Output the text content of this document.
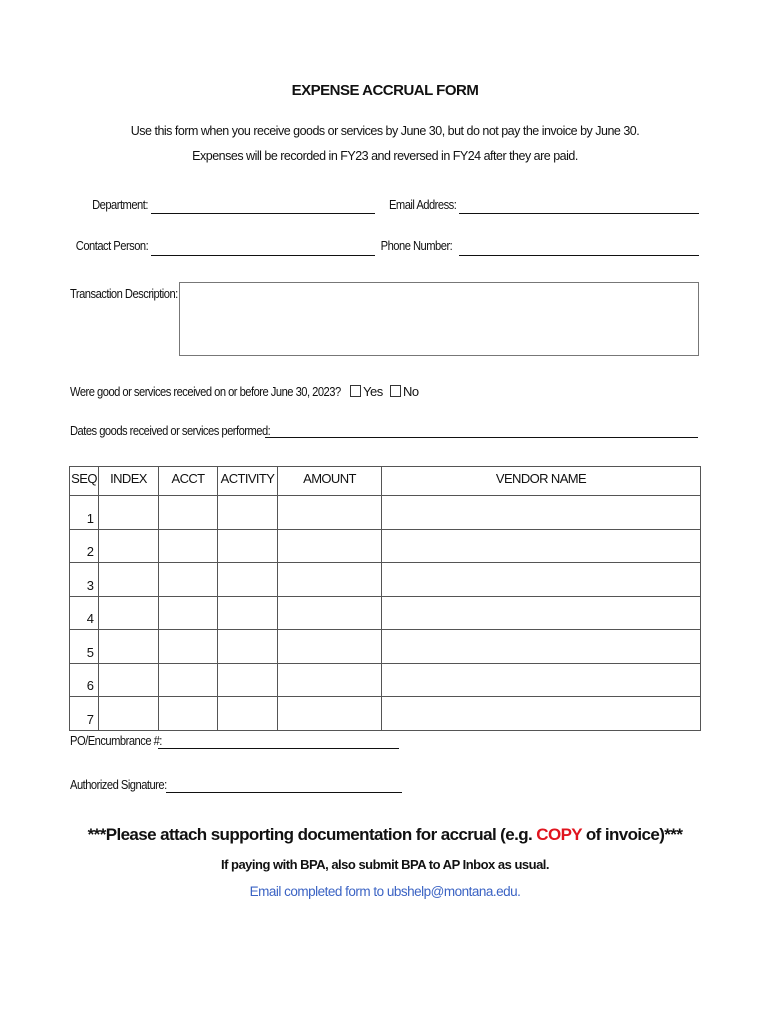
EXPENSE ACCRUAL FORM
Use this form when you receive goods or services by June 30, but do not pay the invoice by June 30.
Expenses will be recorded in FY23 and reversed in FY24 after they are paid.
Department:	Email Address:
Contact Person:	Phone Number:
Transaction Description:
Were good or services received on or before June 30, 2023?	Yes	No
Dates goods received or services performed:
SEQ	INDEX	ACCT	ACTIVITY	AMOUNT	VENDOR NAME
1					
2					
3					
4					
5					
6					
7					
PO/Encumbrance #:
Authorized Signature:
***Please attach supporting documentation for accrual (e.g. COPY of invoice)***
If paying with BPA, also submit BPA to AP Inbox as usual.
Email completed form to ubshelp@montana.edu.
